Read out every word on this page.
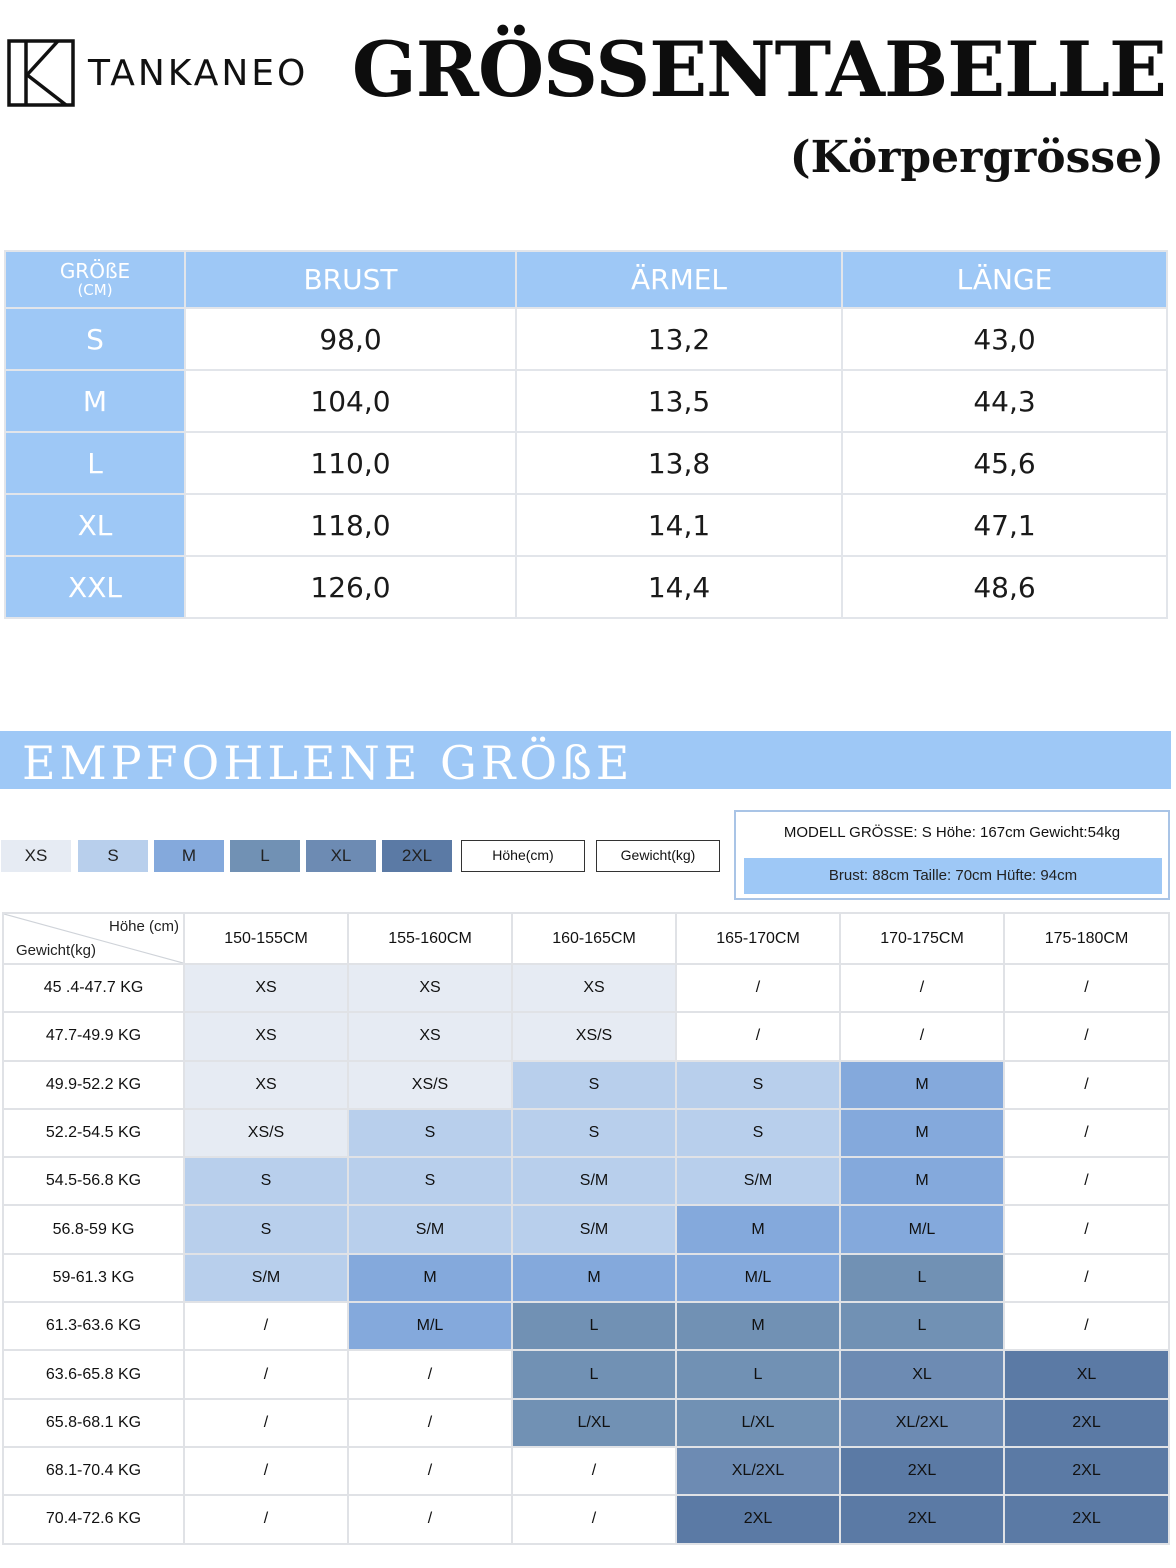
TANKANEO GRÖSSENTABELLE
(Körpergrösse)
GRÖßE
(CM)	BRUST	ÄRMEL	LÄNGE
S	98,0	13,2	43,0
M	104,0	13,5	44,3
L	110,0	13,8	45,6
XL	118,0	14,1	47,1
XXL	126,0	14,4	48,6
EMPFOHLENE GRÖßE
XS	S	M	L	XL	2XL	Höhe(cm)	Gewicht(kg)
MODELL GRÖSSE: S Höhe: 167cm Gewicht:54kg
Brust: 88cm Taille: 70cm Hüfte: 94cm
Höhe (cm)
Gewicht(kg)	150-155CM	155-160CM	160-165CM	165-170CM	170-175CM	175-180CM
45 .4-47.7 KG	XS	XS	XS	/	/	/
47.7-49.9 KG	XS	XS	XS/S	/	/	/
49.9-52.2 KG	XS	XS/S	S	S	M	/
52.2-54.5 KG	XS/S	S	S	S	M	/
54.5-56.8 KG	S	S	S/M	S/M	M	/
56.8-59 KG	S	S/M	S/M	M	M/L	/
59-61.3 KG	S/M	M	M	M/L	L	/
61.3-63.6 KG	/	M/L	L	M	L	/
63.6-65.8 KG	/	/	L	L	XL	XL
65.8-68.1 KG	/	/	L/XL	L/XL	XL/2XL	2XL
68.1-70.4 KG	/	/	/	XL/2XL	2XL	2XL
70.4-72.6 KG	/	/	/	2XL	2XL	2XL
